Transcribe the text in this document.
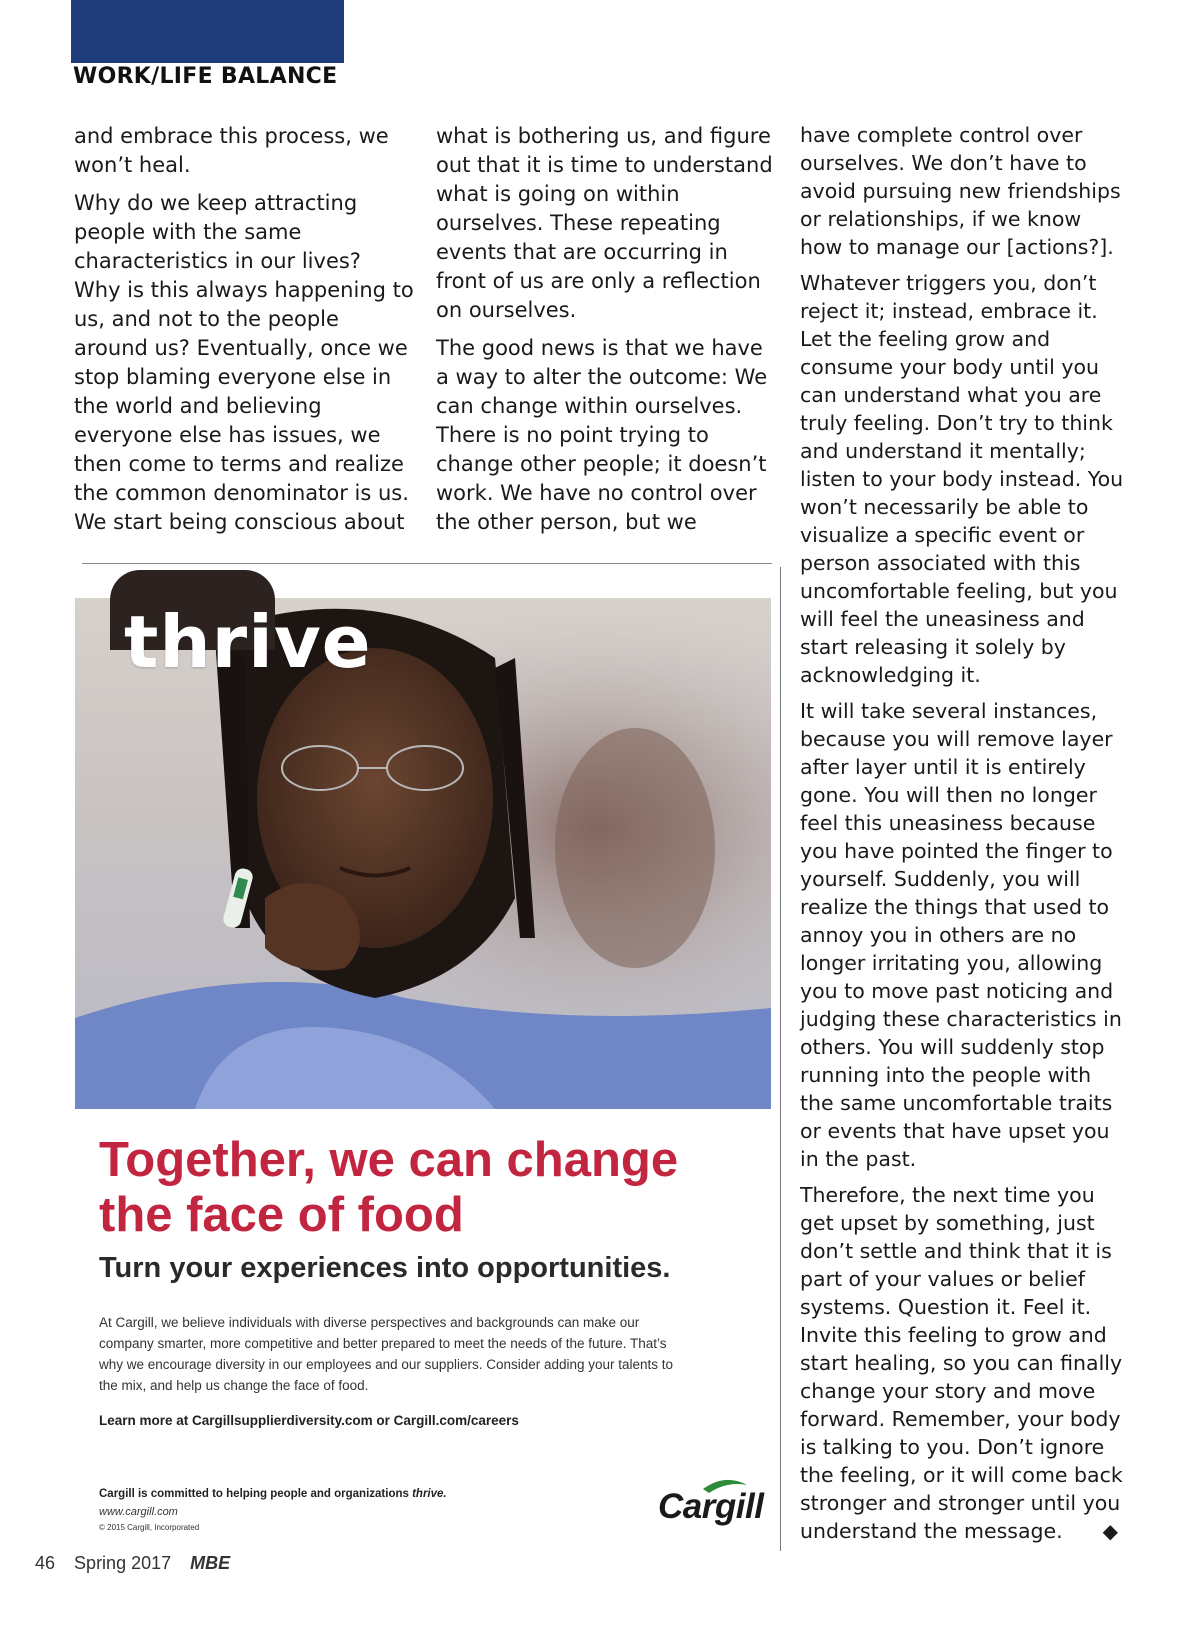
WORK/LIFE BALANCE

and embrace this process, we won’t heal.

Why do we keep attracting people with the same characteristics in our lives? Why is this always happening to us, and not to the people around us? Eventually, once we stop blaming everyone else in the world and believing everyone else has issues, we then come to terms and realize the common denominator is us. We start being conscious about

what is bothering us, and figure out that it is time to understand what is going on within ourselves. These repeating events that are occurring in front of us are only a reflection on ourselves.

The good news is that we have a way to alter the outcome: We can change within ourselves. There is no point trying to change other people; it doesn’t work. We have no control over the other person, but we

have complete control over ourselves. We don’t have to avoid pursuing new friendships or relationships, if we know how to manage our [actions?].

Whatever triggers you, don’t reject it; instead, embrace it. Let the feeling grow and consume your body until you can understand what you are truly feeling. Don’t try to think and understand it mentally; listen to your body instead. You won’t necessarily be able to visualize a specific event or person associated with this uncomfortable feeling, but you will feel the uneasiness and start releasing it solely by acknowledging it.

It will take several instances, because you will remove layer after layer until it is entirely gone. You will then no longer feel this uneasiness because you have pointed the finger to yourself. Suddenly, you will realize the things that used to annoy you in others are no longer irritating you, allowing you to move past noticing and judging these characteristics in others. You will suddenly stop running into the people with the same uncomfortable traits or events that have upset you in the past.

Therefore, the next time you get upset by something, just don’t settle and think that it is part of your values or belief systems. Question it. Feel it. Invite this feeling to grow and start healing, so you can finally change your story and move forward. Remember, your body is talking to you. Don’t ignore the feeling, or it will come back stronger and stronger until you understand the message. ◆

thrive
Together, we can change the face of food
Turn your experiences into opportunities.

At Cargill, we believe individuals with diverse perspectives and backgrounds can make our company smarter, more competitive and better prepared to meet the needs of the future. That’s why we encourage diversity in our employees and our suppliers. Consider adding your talents to the mix, and help us change the face of food.

Learn more at Cargillsupplierdiversity.com or Cargill.com/careers

Cargill is committed to helping people and organizations thrive.

www.cargill.com

© 2015 Cargill, Incorporated

Cargill

46 Spring 2017 MBE
